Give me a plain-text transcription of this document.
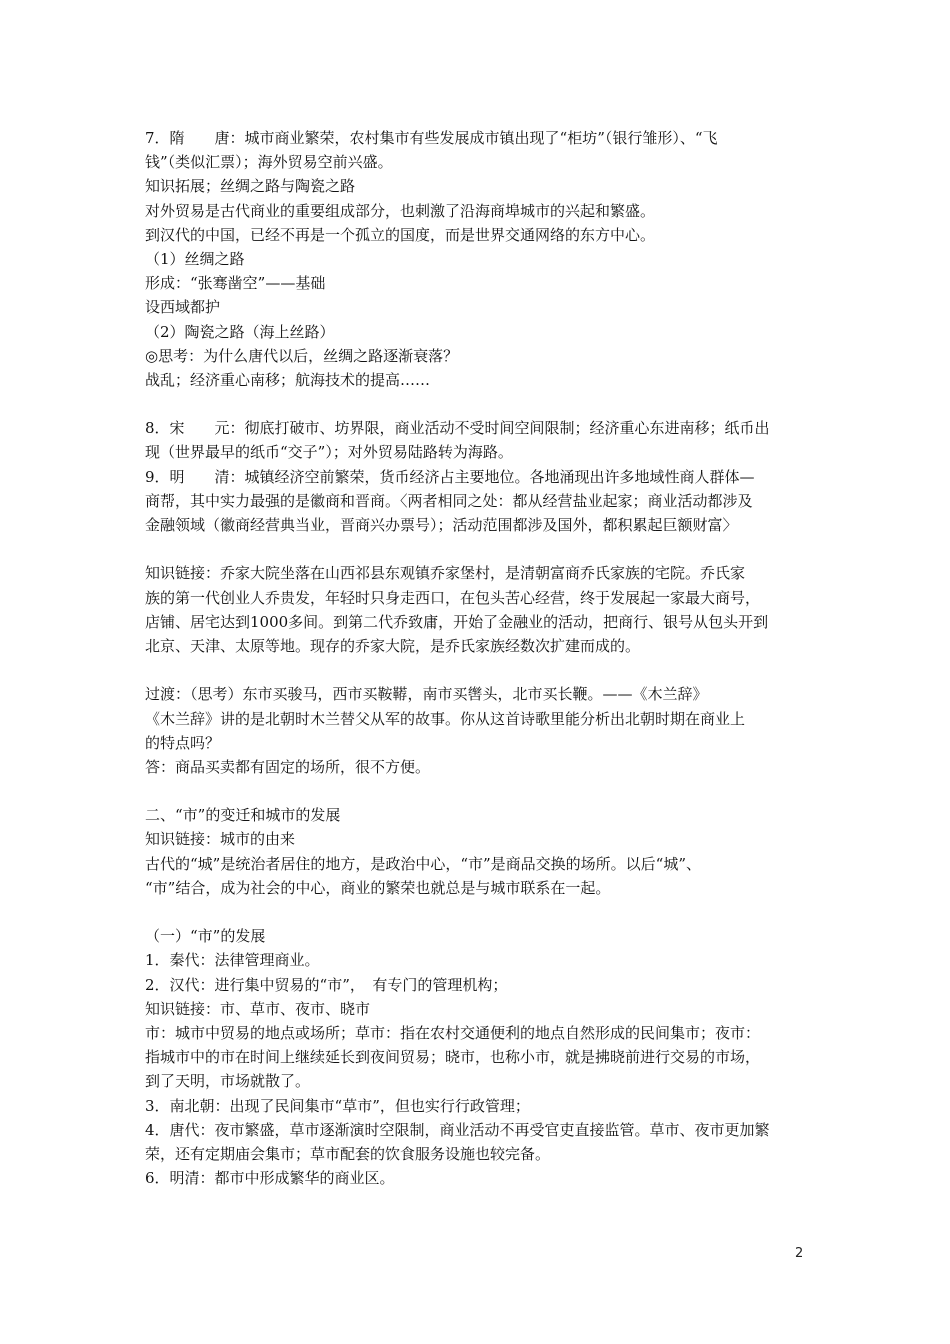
7．隋　　唐：城市商业繁荣，农村集市有些发展成市镇出现了“柜坊”（银行雏形）、“飞
钱”（类似汇票）；海外贸易空前兴盛。
知识拓展；丝绸之路与陶瓷之路
对外贸易是古代商业的重要组成部分，也刺激了沿海商埠城市的兴起和繁盛。
到汉代的中国，已经不再是一个孤立的国度，而是世界交通网络的东方中心。
（1）丝绸之路
形成：“张骞凿空”——基础
设西域都护
（2）陶瓷之路（海上丝路）
◎思考：为什么唐代以后，丝绸之路逐渐衰落？
战乱；经济重心南移；航海技术的提高……
8．宋　　元：彻底打破市、坊界限，商业活动不受时间空间限制；经济重心东进南移；纸币出
现（世界最早的纸币“交子”）；对外贸易陆路转为海路。
9．明　　清：城镇经济空前繁荣，货币经济占主要地位。各地涌现出许多地域性商人群体—
商帮，其中实力最强的是徽商和晋商。〈两者相同之处：都从经营盐业起家；商业活动都涉及
金融领域（徽商经营典当业，晋商兴办票号）；活动范围都涉及国外，都积累起巨额财富〉
知识链接：乔家大院坐落在山西祁县东观镇乔家堡村，是清朝富商乔氏家族的宅院。乔氏家
族的第一代创业人乔贵发，年轻时只身走西口，在包头苦心经营，终于发展起一家最大商号，
店铺、居宅达到1000多间。到第二代乔致庸，开始了金融业的活动，把商行、银号从包头开到
北京、天津、太原等地。现存的乔家大院，是乔氏家族经数次扩建而成的。
过渡：（思考）东市买骏马，西市买鞍鞯，南市买辔头，北市买长鞭。——《木兰辞》
《木兰辞》讲的是北朝时木兰替父从军的故事。你从这首诗歌里能分析出北朝时期在商业上
的特点吗？
答：商品买卖都有固定的场所，很不方便。
二、“市”的变迁和城市的发展
知识链接：城市的由来
古代的“城”是统治者居住的地方，是政治中心，“市”是商品交换的场所。以后“城”、
“市”结合，成为社会的中心，商业的繁荣也就总是与城市联系在一起。
（一）“市”的发展
1．秦代：法律管理商业。
2．汉代：进行集中贸易的“市”，　有专门的管理机构；
知识链接：市、草市、夜市、晓市
市：城市中贸易的地点或场所；草市：指在农村交通便利的地点自然形成的民间集市；夜市：
指城市中的市在时间上继续延长到夜间贸易；晓市，也称小市，就是拂晓前进行交易的市场，
到了天明，市场就散了。
3．南北朝：出现了民间集市“草市”，但也实行行政管理；
4．唐代：夜市繁盛，草市逐渐演时空限制，商业活动不再受官吏直接监管。草市、夜市更加繁
荣，还有定期庙会集市；草市配套的饮食服务设施也较完备。
6．明清：都市中形成繁华的商业区。
2
